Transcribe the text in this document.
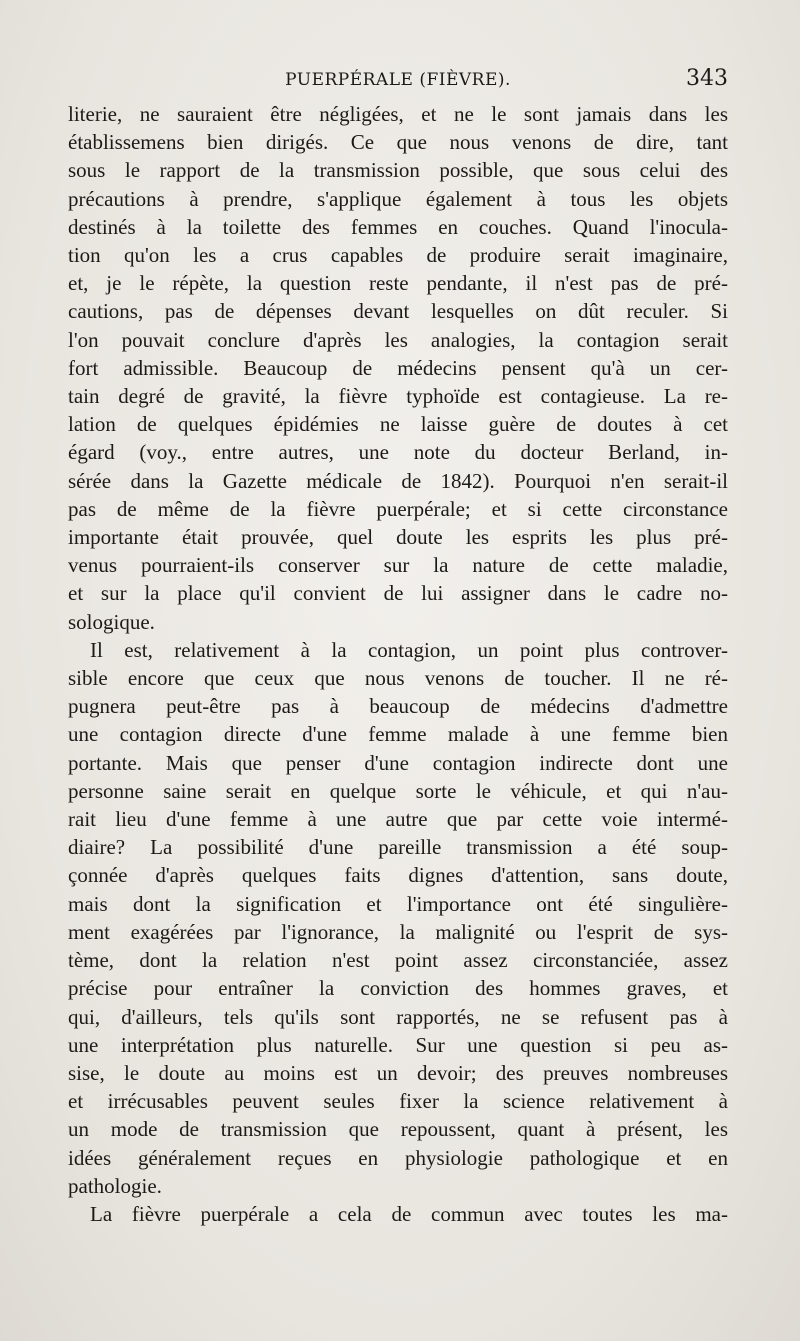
PUERPÉRALE (FIÈVRE).	343
literie, ne sauraient être négligées, et ne le sont jamais dans les
établissemens bien dirigés. Ce que nous venons de dire, tant
sous le rapport de la transmission possible, que sous celui des
précautions à prendre, s'applique également à tous les objets
destinés à la toilette des femmes en couches. Quand l'inocula-
tion qu'on les a crus capables de produire serait imaginaire,
et, je le répète, la question reste pendante, il n'est pas de pré-
cautions, pas de dépenses devant lesquelles on dût reculer. Si
l'on pouvait conclure d'après les analogies, la contagion serait
fort admissible. Beaucoup de médecins pensent qu'à un cer-
tain degré de gravité, la fièvre typhoïde est contagieuse. La re-
lation de quelques épidémies ne laisse guère de doutes à cet
égard (voy., entre autres, une note du docteur Berland, in-
sérée dans la Gazette médicale de 1842). Pourquoi n'en serait-il
pas de même de la fièvre puerpérale; et si cette circonstance
importante était prouvée, quel doute les esprits les plus pré-
venus pourraient-ils conserver sur la nature de cette maladie,
et sur la place qu'il convient de lui assigner dans le cadre no-
sologique.
Il est, relativement à la contagion, un point plus controver-
sible encore que ceux que nous venons de toucher. Il ne ré-
pugnera peut-être pas à beaucoup de médecins d'admettre
une contagion directe d'une femme malade à une femme bien
portante. Mais que penser d'une contagion indirecte dont une
personne saine serait en quelque sorte le véhicule, et qui n'au-
rait lieu d'une femme à une autre que par cette voie intermé-
diaire? La possibilité d'une pareille transmission a été soup-
çonnée d'après quelques faits dignes d'attention, sans doute,
mais dont la signification et l'importance ont été singulière-
ment exagérées par l'ignorance, la malignité ou l'esprit de sys-
tème, dont la relation n'est point assez circonstanciée, assez
précise pour entraîner la conviction des hommes graves, et
qui, d'ailleurs, tels qu'ils sont rapportés, ne se refusent pas à
une interprétation plus naturelle. Sur une question si peu as-
sise, le doute au moins est un devoir; des preuves nombreuses
et irrécusables peuvent seules fixer la science relativement à
un mode de transmission que repoussent, quant à présent, les
idées généralement reçues en physiologie pathologique et en
pathologie.
La fièvre puerpérale a cela de commun avec toutes les ma-
